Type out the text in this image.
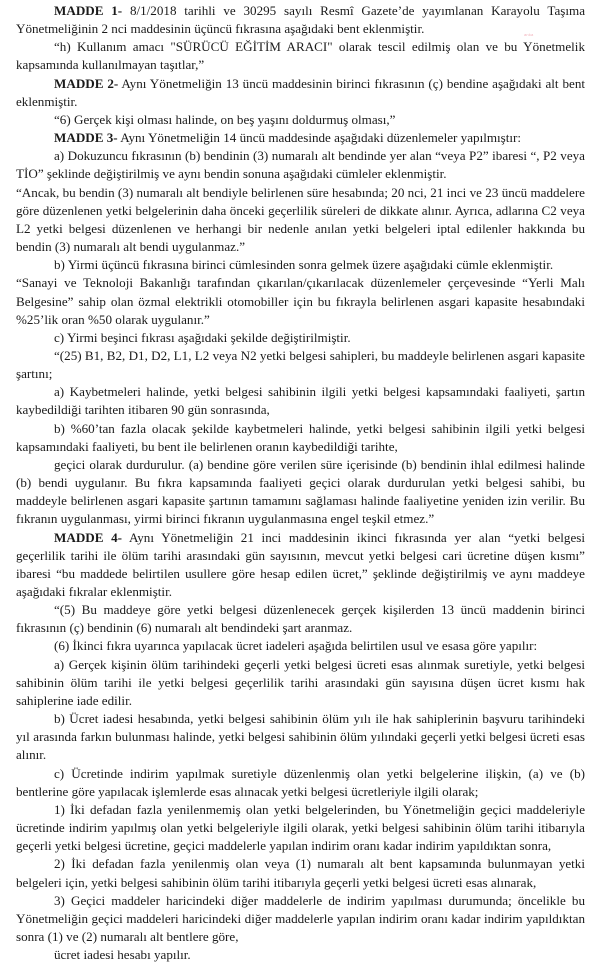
anka

MADDE 1- 8/1/2018 tarihli ve 30295 sayılı Resmî Gazete’de yayımlanan Karayolu Taşıma Yönetmeliğinin 2 nci maddesinin üçüncü fıkrasına aşağıdaki bent eklenmiştir.

“h) Kullanım amacı "SÜRÜCÜ EĞİTİM ARACI" olarak tescil edilmiş olan ve bu Yönetmelik kapsamında kullanılmayan taşıtlar,”

MADDE 2- Aynı Yönetmeliğin 13 üncü maddesinin birinci fıkrasının (ç) bendine aşağıdaki alt bent eklenmiştir.

“6) Gerçek kişi olması halinde, on beş yaşını doldurmuş olması,”

MADDE 3- Aynı Yönetmeliğin 14 üncü maddesinde aşağıdaki düzenlemeler yapılmıştır:

a) Dokuzuncu fıkrasının (b) bendinin (3) numaralı alt bendinde yer alan “veya P2” ibaresi “, P2 veya TİO” şeklinde değiştirilmiş ve aynı bendin sonuna aşağıdaki cümleler eklenmiştir.

“Ancak, bu bendin (3) numaralı alt bendiyle belirlenen süre hesabında; 20 nci, 21 inci ve 23 üncü maddelere göre düzenlenen yetki belgelerinin daha önceki geçerlilik süreleri de dikkate alınır. Ayrıca, adlarına C2 veya L2 yetki belgesi düzenlenen ve herhangi bir nedenle anılan yetki belgeleri iptal edilenler hakkında bu bendin (3) numaralı alt bendi uygulanmaz.”

b) Yirmi üçüncü fıkrasına birinci cümlesinden sonra gelmek üzere aşağıdaki cümle eklenmiştir.

“Sanayi ve Teknoloji Bakanlığı tarafından çıkarılan/çıkarılacak düzenlemeler çerçevesinde “Yerli Malı Belgesine” sahip olan özmal elektrikli otomobiller için bu fıkrayla belirlenen asgari kapasite hesabındaki %25’lik oran %50 olarak uygulanır.”

c) Yirmi beşinci fıkrası aşağıdaki şekilde değiştirilmiştir.

“(25) B1, B2, D1, D2, L1, L2 veya N2 yetki belgesi sahipleri, bu maddeyle belirlenen asgari kapasite şartını;

a) Kaybetmeleri halinde, yetki belgesi sahibinin ilgili yetki belgesi kapsamındaki faaliyeti, şartın kaybedildiği tarihten itibaren 90 gün sonrasında,

b) %60’tan fazla olacak şekilde kaybetmeleri halinde, yetki belgesi sahibinin ilgili yetki belgesi kapsamındaki faaliyeti, bu bent ile belirlenen oranın kaybedildiği tarihte,

geçici olarak durdurulur. (a) bendine göre verilen süre içerisinde (b) bendinin ihlal edilmesi halinde (b) bendi uygulanır. Bu fıkra kapsamında faaliyeti geçici olarak durdurulan yetki belgesi sahibi, bu maddeyle belirlenen asgari kapasite şartının tamamını sağlaması halinde faaliyetine yeniden izin verilir. Bu fıkranın uygulanması, yirmi birinci fıkranın uygulanmasına engel teşkil etmez.”

MADDE 4- Aynı Yönetmeliğin 21 inci maddesinin ikinci fıkrasında yer alan “yetki belgesi geçerlilik tarihi ile ölüm tarihi arasındaki gün sayısının, mevcut yetki belgesi cari ücretine düşen kısmı” ibaresi “bu maddede belirtilen usullere göre hesap edilen ücret,” şeklinde değiştirilmiş ve aynı maddeye aşağıdaki fıkralar eklenmiştir.

“(5) Bu maddeye göre yetki belgesi düzenlenecek gerçek kişilerden 13 üncü maddenin birinci fıkrasının (ç) bendinin (6) numaralı alt bendindeki şart aranmaz.

(6) İkinci fıkra uyarınca yapılacak ücret iadeleri aşağıda belirtilen usul ve esasa göre yapılır:

a) Gerçek kişinin ölüm tarihindeki geçerli yetki belgesi ücreti esas alınmak suretiyle, yetki belgesi sahibinin ölüm tarihi ile yetki belgesi geçerlilik tarihi arasındaki gün sayısına düşen ücret kısmı hak sahiplerine iade edilir.

b) Ücret iadesi hesabında, yetki belgesi sahibinin ölüm yılı ile hak sahiplerinin başvuru tarihindeki yıl arasında farkın bulunması halinde, yetki belgesi sahibinin ölüm yılındaki geçerli yetki belgesi ücreti esas alınır.

c) Ücretinde indirim yapılmak suretiyle düzenlenmiş olan yetki belgelerine ilişkin, (a) ve (b) bentlerine göre yapılacak işlemlerde esas alınacak yetki belgesi ücretleriyle ilgili olarak;

1) İki defadan fazla yenilenmemiş olan yetki belgelerinden, bu Yönetmeliğin geçici maddeleriyle ücretinde indirim yapılmış olan yetki belgeleriyle ilgili olarak, yetki belgesi sahibinin ölüm tarihi itibarıyla geçerli yetki belgesi ücretine, geçici maddelerle yapılan indirim oranı kadar indirim yapıldıktan sonra,

2) İki defadan fazla yenilenmiş olan veya (1) numaralı alt bent kapsamında bulunmayan yetki belgeleri için, yetki belgesi sahibinin ölüm tarihi itibarıyla geçerli yetki belgesi ücreti esas alınarak,

3) Geçici maddeler haricindeki diğer maddelerle de indirim yapılması durumunda; öncelikle bu Yönetmeliğin geçici maddeleri haricindeki diğer maddelerle yapılan indirim oranı kadar indirim yapıldıktan sonra (1) ve (2) numaralı alt bentlere göre,

ücret iadesi hesabı yapılır.
